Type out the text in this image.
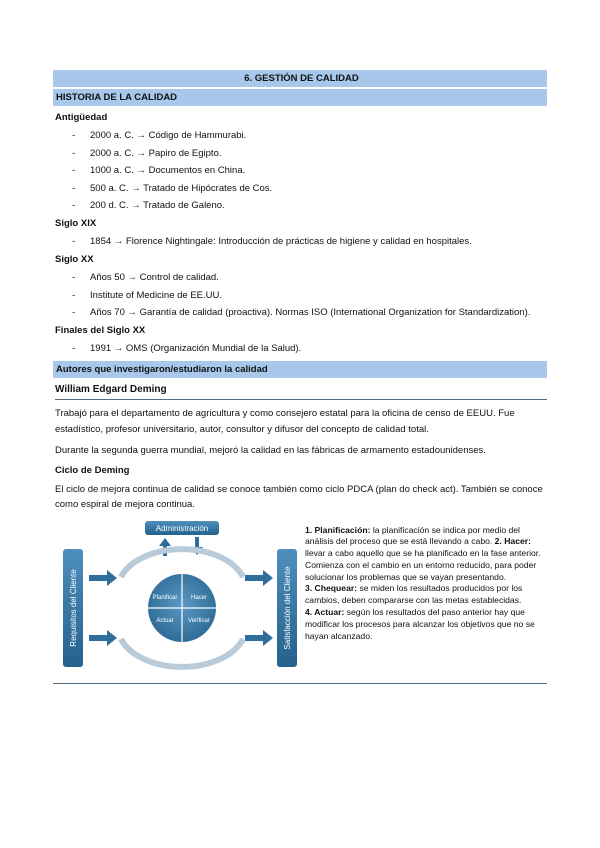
6. GESTIÓN DE CALIDAD
HISTORIA DE LA CALIDAD
Antigüedad
- 2000 a. C. → Código de Hammurabi.
- 2000 a. C. → Papiro de Egipto.
- 1000 a. C. → Documentos en China.
- 500 a. C. → Tratado de Hipócrates de Cos.
- 200 d. C. → Tratado de Galeno.
Siglo XIX
- 1854 → Florence Nightingale: Introducción de prácticas de higiene y calidad en hospitales.
Siglo XX
- Años 50 → Control de calidad.
- Institute of Medicine de EE.UU.
- Años 70 → Garantía de calidad (proactiva). Normas ISO (International Organization for Standardization).
Finales del Siglo XX
- 1991 → OMS (Organización Mundial de la Salud).
Autores que investigaron/estudiaron la calidad
William Edgard Deming

Trabajó para el departamento de agricultura y como consejero estatal para la oficina de censo de EEUU. Fue estadístico, profesor universitario, autor, consultor y difusor del concepto de calidad total.

Durante la segunda guerra mundial, mejoró la calidad en las fábricas de armamento estadounidenses.

Ciclo de Deming

El ciclo de mejora continua de calidad se conoce también como ciclo PDCA (plan do check act). También se conoce como espiral de mejora continua.

Administración
Requisitos del Cliente	Satisfacción del Cliente
Planificar Hacer
Actuar Verificar
1. Planificación: la planificación se indica por medio del análisis del proceso que se está llevando a cabo. 2. Hacer: llevar a cabo aquello que se ha planificado en la fase anterior. Comienza con el cambio en un entorno reducido, para poder solucionar los problemas que se vayan presentando.
3. Chequear: se miden los resultados producidos por los cambios, deben compararse con las metas establecidas.
4. Actuar: según los resultados del paso anterior hay que modificar los procesos para alcanzar los objetivos que no se hayan alcanzado.
